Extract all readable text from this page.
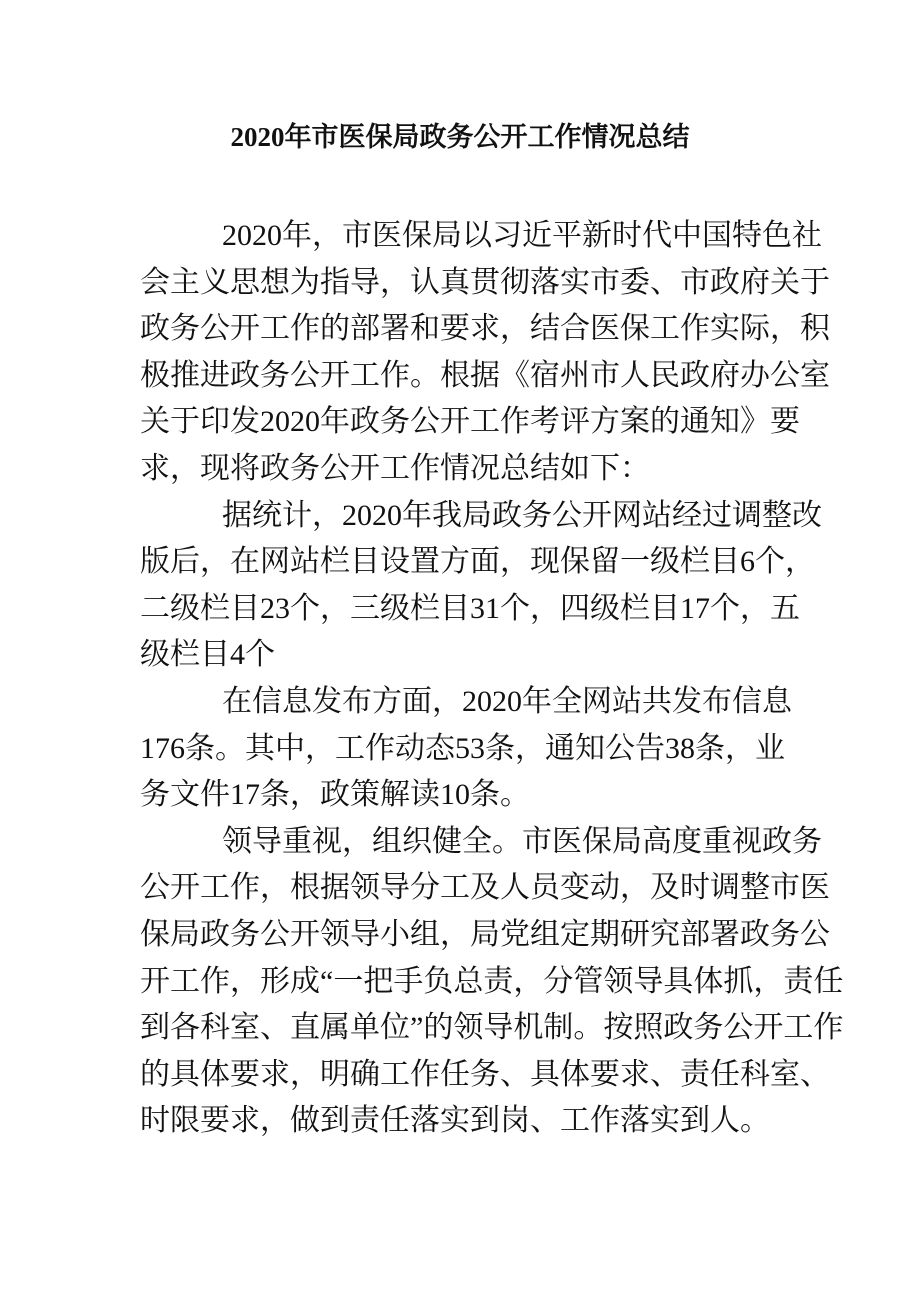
2020年市医保局政务公开工作情况总结
2020年，市医保局以习近平新时代中国特色社
会主义思想为指导，认真贯彻落实市委、市政府关于
政务公开工作的部署和要求，结合医保工作实际，积
极推进政务公开工作。根据《宿州市人民政府办公室
关于印发2020年政务公开工作考评方案的通知》要
求，现将政务公开工作情况总结如下：
据统计，2020年我局政务公开网站经过调整改
版后，在网站栏目设置方面，现保留一级栏目6个，
二级栏目23个，三级栏目31个，四级栏目17个，五
级栏目4个
在信息发布方面，2020年全网站共发布信息
176条。其中，工作动态53条，通知公告38条，业
务文件17条，政策解读10条。
领导重视，组织健全。市医保局高度重视政务
公开工作，根据领导分工及人员变动，及时调整市医
保局政务公开领导小组，局党组定期研究部署政务公
开工作，形成“一把手负总责，分管领导具体抓，责任
到各科室、直属单位”的领导机制。按照政务公开工作
的具体要求，明确工作任务、具体要求、责任科室、
时限要求，做到责任落实到岗、工作落实到人。
